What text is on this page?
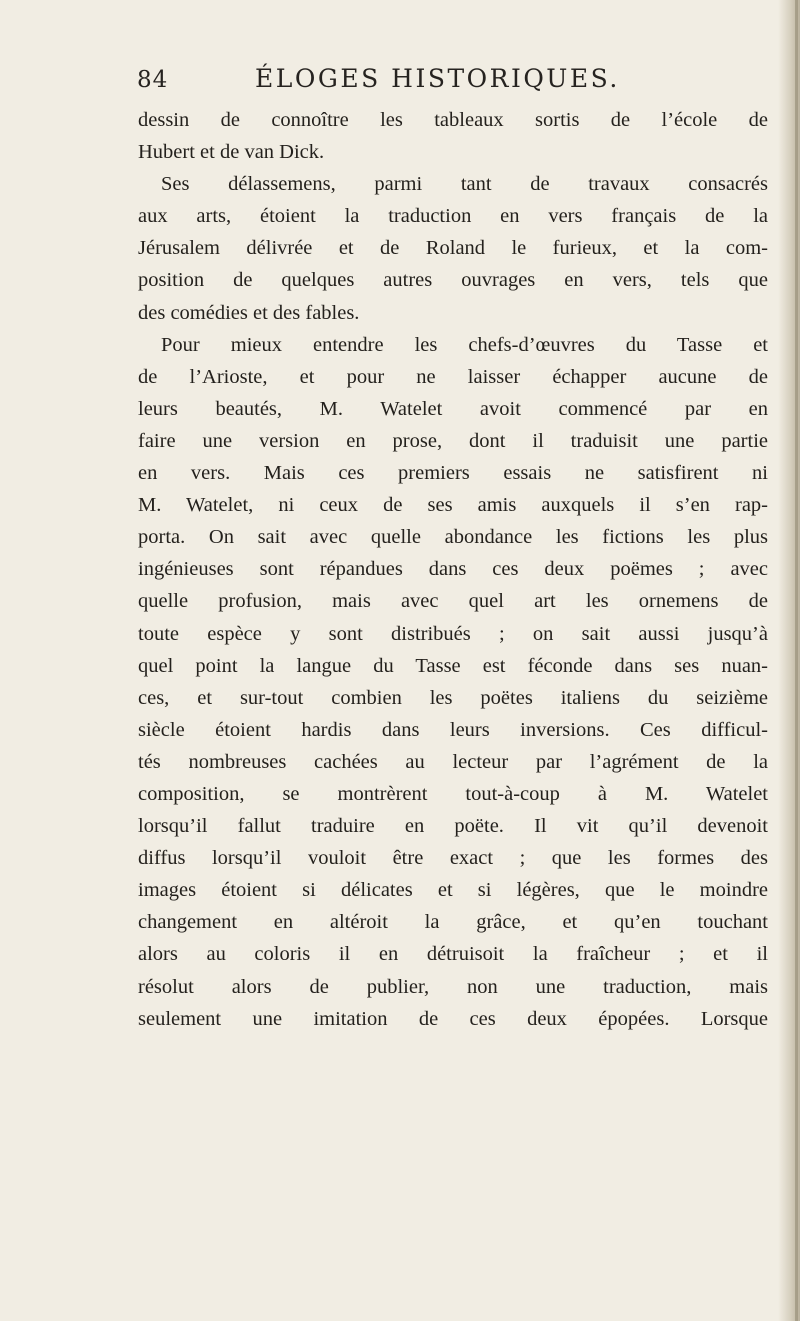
84	ÉLOGES HISTORIQUES.
dessin de connoître les tableaux sortis de l’école de
Hubert et de van Dick.
Ses délassemens, parmi tant de travaux consacrés
aux arts, étoient la traduction en vers français de la
Jérusalem délivrée et de Roland le furieux, et la com-
position de quelques autres ouvrages en vers, tels que
des comédies et des fables.
Pour mieux entendre les chefs-d’œuvres du Tasse et
de l’Arioste, et pour ne laisser échapper aucune de
leurs beautés, M. Watelet avoit commencé par en
faire une version en prose, dont il traduisit une partie
en vers. Mais ces premiers essais ne satisfirent ni
M. Watelet, ni ceux de ses amis auxquels il s’en rap-
porta. On sait avec quelle abondance les fictions les plus
ingénieuses sont répandues dans ces deux poëmes ; avec
quelle profusion, mais avec quel art les ornemens de
toute espèce y sont distribués ; on sait aussi jusqu’à
quel point la langue du Tasse est féconde dans ses nuan-
ces, et sur-tout combien les poëtes italiens du seizième
siècle étoient hardis dans leurs inversions. Ces difficul-
tés nombreuses cachées au lecteur par l’agrément de la
composition, se montrèrent tout-à-coup à M. Watelet
lorsqu’il fallut traduire en poëte. Il vit qu’il devenoit
diffus lorsqu’il vouloit être exact ; que les formes des
images étoient si délicates et si légères, que le moindre
changement en altéroit la grâce, et qu’en touchant
alors au coloris il en détruisoit la fraîcheur ; et il
résolut alors de publier, non une traduction, mais
seulement une imitation de ces deux épopées. Lorsque
